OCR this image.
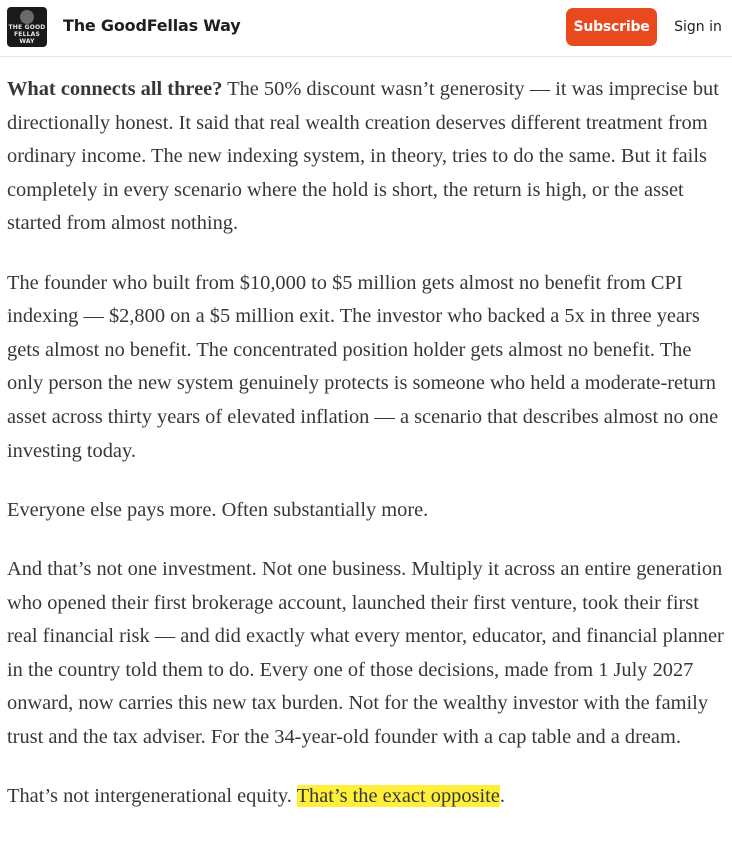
THE GOOD
FELLAS WAY
The GoodFellas Way	Subscribe	Sign in

What connects all three? The 50% discount wasn’t generosity — it was imprecise but directionally honest. It said that real wealth creation deserves different treatment from ordinary income. The new indexing system, in theory, tries to do the same. But it fails completely in every scenario where the hold is short, the return is high, or the asset started from almost nothing.

The founder who built from $10,000 to $5 million gets almost no benefit from CPI indexing — $2,800 on a $5 million exit. The investor who backed a 5x in three years gets almost no benefit. The concentrated position holder gets almost no benefit. The only person the new system genuinely protects is someone who held a moderate-return asset across thirty years of elevated inflation — a scenario that describes almost no one investing today.

Everyone else pays more. Often substantially more.

And that’s not one investment. Not one business. Multiply it across an entire generation who opened their first brokerage account, launched their first venture, took their first real financial risk — and did exactly what every mentor, educator, and financial planner in the country told them to do. Every one of those decisions, made from 1 July 2027 onward, now carries this new tax burden. Not for the wealthy investor with the family trust and the tax adviser. For the 34-year-old founder with a cap table and a dream.

That’s not intergenerational equity. That’s the exact opposite.
